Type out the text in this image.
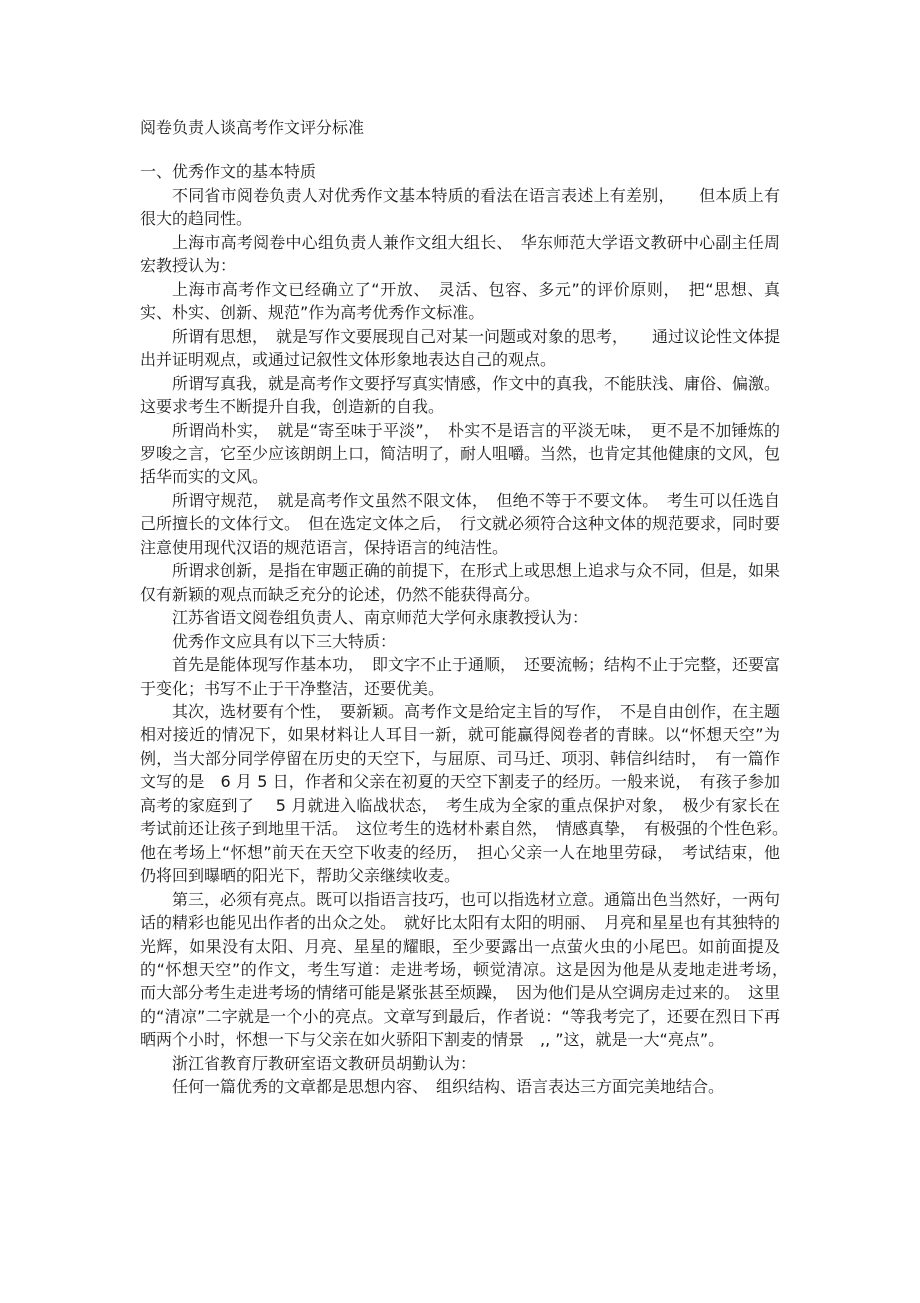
阅卷负责人谈高考作文评分标准
一、优秀作文的基本特质

不同省市阅卷负责人对优秀作文基本特质的看法在语言表述上有差别，　　但本质上有很大的趋同性。

上海市高考阅卷中心组负责人兼作文组大组长、　华东师范大学语文教研中心副主任周宏教授认为：

上海市高考作文已经确立了“开放、　灵活、包容、多元”的评价原则，　把“思想、真实、朴实、创新、规范”作为高考优秀作文标准。

所谓有思想，　就是写作文要展现自己对某一问题或对象的思考，　　通过议论性文体提出并证明观点，或通过记叙性文体形象地表达自己的观点。

所谓写真我，就是高考作文要抒写真实情感，作文中的真我，不能肤浅、庸俗、偏激。这要求考生不断提升自我，创造新的自我。

所谓尚朴实，　就是“寄至味于平淡”，　朴实不是语言的平淡无味，　更不是不加锤炼的罗唆之言，它至少应该朗朗上口，简洁明了，耐人咀嚼。当然，也肯定其他健康的文风，包括华而实的文风。

所谓守规范，　就是高考作文虽然不限文体，　但绝不等于不要文体。　考生可以任选自己所擅长的文体行文。　但在选定文体之后，　行文就必须符合这种文体的规范要求，同时要注意使用现代汉语的规范语言，保持语言的纯洁性。

所谓求创新，是指在审题正确的前提下，在形式上或思想上追求与众不同，但是，如果仅有新颖的观点而缺乏充分的论述，仍然不能获得高分。

江苏省语文阅卷组负责人、南京师范大学何永康教授认为：

优秀作文应具有以下三大特质：

首先是能体现写作基本功，　即文字不止于通顺，　还要流畅；结构不止于完整，还要富于变化；书写不止于干净整洁，还要优美。

其次，选材要有个性，　要新颖。高考作文是给定主旨的写作，　不是自由创作，在主题相对接近的情况下，如果材料让人耳目一新，就可能赢得阅卷者的青睐。以“怀想天空”为例，当大部分同学停留在历史的天空下，与屈原、司马迁、项羽、韩信纠结时，　有一篇作文写的是　6 月 5 日，作者和父亲在初夏的天空下割麦子的经历。一般来说，　有孩子参加高考的家庭到了　 5 月就进入临战状态，　考生成为全家的重点保护对象，　极少有家长在考试前还让孩子到地里干活。　这位考生的选材朴素自然，　情感真挚，　有极强的个性色彩。　他在考场上“怀想”前天在天空下收麦的经历，　担心父亲一人在地里劳碌，　考试结束，他仍将回到曝晒的阳光下，帮助父亲继续收麦。

第三，必须有亮点。既可以指语言技巧，也可以指选材立意。通篇出色当然好，一两句话的精彩也能见出作者的出众之处。　就好比太阳有太阳的明丽、　月亮和星星也有其独特的光辉，如果没有太阳、月亮、星星的耀眼，至少要露出一点萤火虫的小尾巴。如前面提及的“怀想天空”的作文，考生写道：走进考场，顿觉清凉。这是因为他是从麦地走进考场，　而大部分考生走进考场的情绪可能是紧张甚至烦躁，　因为他们是从空调房走过来的。　这里的“清凉”二字就是一个小的亮点。文章写到最后，作者说：“等我考完了，还要在烈日下再晒两个小时，怀想一下与父亲在如火骄阳下割麦的情景　,, ”这，就是一大“亮点”。

浙江省教育厅教研室语文教研员胡勤认为：

任何一篇优秀的文章都是思想内容、　组织结构、语言表达三方面完美地结合。
